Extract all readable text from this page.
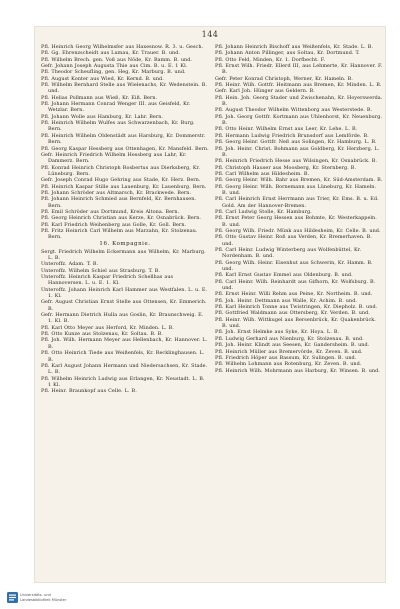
144

Pfl. Heinrich Georg Wilhelmsfer aus Haxesnow. R. 3. u. Gesch.

Pfl. Gg. Ehrenzscheidt aus Lumau, Kr. Trauer. B. und.

Pfl. Wilhelm Brech. gen. Voß aus Nöde, Kr. Bamm. B. und.

Gefr. Johann Joseph Augusta Thie aus Cim. B. u. E. 1 Kl.

Pfl. Theodor Scheufling, gen. Heg, Kr. Marburg. B. und.

Pfl. August Konter aus Wied, Kr. Kernd. B. und.

Pfl. Wilhelm Bernhard Stelle aus Wielenachs, Kr. Wedenstein. B. und.

Pfl. Helias Pollmann aus Wieß, Kr. Eiß. Bern.

Pfl. Johann Hermann Conrad Wenger III. aus Geisfeld, Kr. Wetzlar. Bern.

Pfl. Johann Wolle aus Hamburg, Kr. Lahr. Bern.

Pfl. Heinrich Wilhelm Wulfes aus Schwarzenbach, Kr. Burg. Bern.

Pfl. Heinrich Wilhelm Oldenstädt aus Harsburg, Kr. Dommerstr. Bern.

Pfl. Georg Kaspar Hessberg aus Ottenhagen, Kr. Mansfeld. Bern.

Gefr. Heinrich Friedrich Wilhelm Hessberg aus Lahr, Kr. Dammerz. Bern.

Pfl. Konrad Heinrich Christoph Rosbertus aus Dierksberg, Kr. Lüneburg. Bern.

Gefr. Joseph Conrad Hugo Gehring aus Stade, Kr. Herz. Bern.

Pfl. Heinrich Kaspar Stille aus Lauenburg, Kr. Lauenburg. Bern.

Pfl. Johann Schröder aus Altmarsch, Kr. Brackwede. Bern.

Pfl. Johann Heinrich Schmied aus Bernfeld, Kr. Bernhausen. Bern.

Pfl. Emil Schröder aus Dortmund, Kreis Altona. Bern.

Pfl. Georg Heinrich Christian aus Kerze, Kr. Osnabrück. Bern.

Pfl. Karl Friedrich Weihenberg aus Golle, Kr. Goll. Bern.

Pfl. Fritz Heinrich Carl Wilhelm aus Marzahn, Kr. Stolzenau. Bern.

16. Kompagnie.

Sergt. Friedrich Wilhelm Eckermann aus Wilhelm, Kr. Marburg. L. B.

Unteroffz. Adam. T. B.

Unteroffz. Wilhelm Schiel aus Strasburg. T. B.

Unteroffz. Heinrich Kaspar Friedrich Schellhas aus Hannoversen. L. u. E. 1. Kl.

Unteroffz. Johann Heinrich Karl Hammer aus Westfalen. L. u. E. 1. Kl.

Gefr. August Christian Ernst Stelle aus Ottensen, Kr. Emmerich. B.

Gefr. Hermann Dietrich Hulla aus Goslin, Kr. Braunschweig. E. 1. Kl. B.

Pfl. Karl Otto Meyer aus Herford, Kr. Minden. L. B.

Pfl. Otto Kunze aus Stolzenau, Kr. Soltau. B. B.

Pfl. Joh. Wilh. Hermann Meyer aus Hellenbach, Kr. Hannover. L. B.

Pfl. Otto Heinrich Tiede aus Weißenfels, Kr. Recklinghausen. L. B.

Pfl. Karl August Johann Hermann und Niedersachsen, Kr. Stade. L. B.

Pfl. Wilhelm Heinrich Ludwig aus Erlangen, Kr. Neustadt. L. B. 1 Kl.

Pfl. Heinr. Braunkopf aus Celle. L. B.

Pfl. Johann Heinrich Bischoff aus Weißenfels, Kr. Stade. L. B.

Pfl. Johann Anton Pillinger, aus Soltau, Kr. Dortmund. T.

Pfl. Otto Feld, Minden, Kr. 1. Dorfbecht. F.

Pfl. Ernst Wilh. Friedr. Ellerd III, aus Lehmerte, Kr. Hannover. F. B.

Gefr. Peter Konrad Christoph, Werner, Kr. Hameln. B.

Pfl. Heinr. Wilh. Gottfr. Heitmann aus Bremen, Kr. Minden. L. B.

Gefr. Karl Joh. Hünger aus Geldern. B.

Pfl. Hein. Joh. Georg Stader und Zwischenahn, Kr. Hoyerswerda. B.

Pfl. August Theodor Wilhelm Wittenborg aus Westerstede. B.

Pfl. Joh. Georg Gottfr. Kortmann aus Uhlenhorst, Kr. Neuenburg. B.

Pfl. Otto Heinr. Wilhelm Ernst aus Leer, Kr. Lehe. L. B.

Pfl. Hermann Ludwig Friedrich Brunsdorf aus Lemförde. B.

Pfl. Georg Heinr. Gottfr. Neß aus Solingen, Kr. Hamburg. L. B.

Pfl. Joh. Heinr. Christ. Bohmann aus Goldberg, Kr. Herzberg. L. B.

Pfl. Heinrich Friedrich Hesse aus Wilsingen, Kr. Osnabrück. B.

Pfl. Christoph Hauser aus Moosberg, Kr. Sternberg. B.

Pfl. Carl Wilhelm aus Hildesheim. B.

Pfl. Georg Heinr. Wilh. Bahr aus Bremen, Kr. Süd-Amsterdam. B.

Pfl. Georg Heinr. Wilh. Bornemann aus Lüneburg, Kr. Hameln. B. und.

Pfl. Carl Heinrich Ernst Herrmann aus Trier, Kr. Ems. B. u. Ed. Gold. Am der Hannover-Bremen.

Pfl. Carl Ludwig Stolle, Kr. Hamburg.

Pfl. Ernst Peter Georg Hessen aus Bohmte, Kr. Westerkappeln. B. und.

Pfl. Georg Wilh. Friedr. Münk aus Hildesheim, Kr. Celle. B. und.

Pfl. Otto Gustav Heinr. Roß aus Verden, Kr. Bremerhaven. B. und.

Pfl. Carl Heinr. Ludwig Winterberg aus Wolfenbüttel, Kr. Nordenham. B. und.

Pfl. Georg Wilh. Heinr. Eisenhut aus Schwerin, Kr. Hamm. B. und.

Pfl. Karl Ernst Gustav Emmel aus Oldenburg. B. und.

Pfl. Carl Heinr. Wilh. Reinhardt aus Gifhorn, Kr. Wolfsburg. B. und.

Pfl. Ernst Heinr. Willi Rehm aus Peine, Kr. Northeim. B. und.

Pfl. Joh. Heinr. Dettmann aus Walle, Kr. Achim. B. und.

Pfl. Karl Heinrich Tonne aus Twistringen, Kr. Diepholz. B. und.

Pfl. Gottfried Waldmann aus Ottersberg, Kr. Verden. B. und.

Pfl. Heinr. Wilh. Wittkugel aus Bersenbrück, Kr. Quakenbrück. B. und.

Pfl. Joh. Ernst Helmke aus Syke, Kr. Hoya. L. B.

Pfl. Ludwig Gerhard aus Nienburg, Kr. Stolzenau. B. und.

Pfl. Joh. Heinr. Klindt aus Seesen, Kr. Gandersheim. B. und.

Pfl. Heinrich Müller aus Bremervörde, Kr. Zeven. B. und.

Pfl. Friedrich Höper aus Bassum, Kr. Sulingen. B. und.

Pfl. Wilhelm Lohmann aus Rotenburg, Kr. Zeven. B. und.

Pfl. Heinrich Wilh. Mohrmann aus Harburg, Kr. Winsen. B. und.

Universitäts- und
Landesbibliothek Münster
